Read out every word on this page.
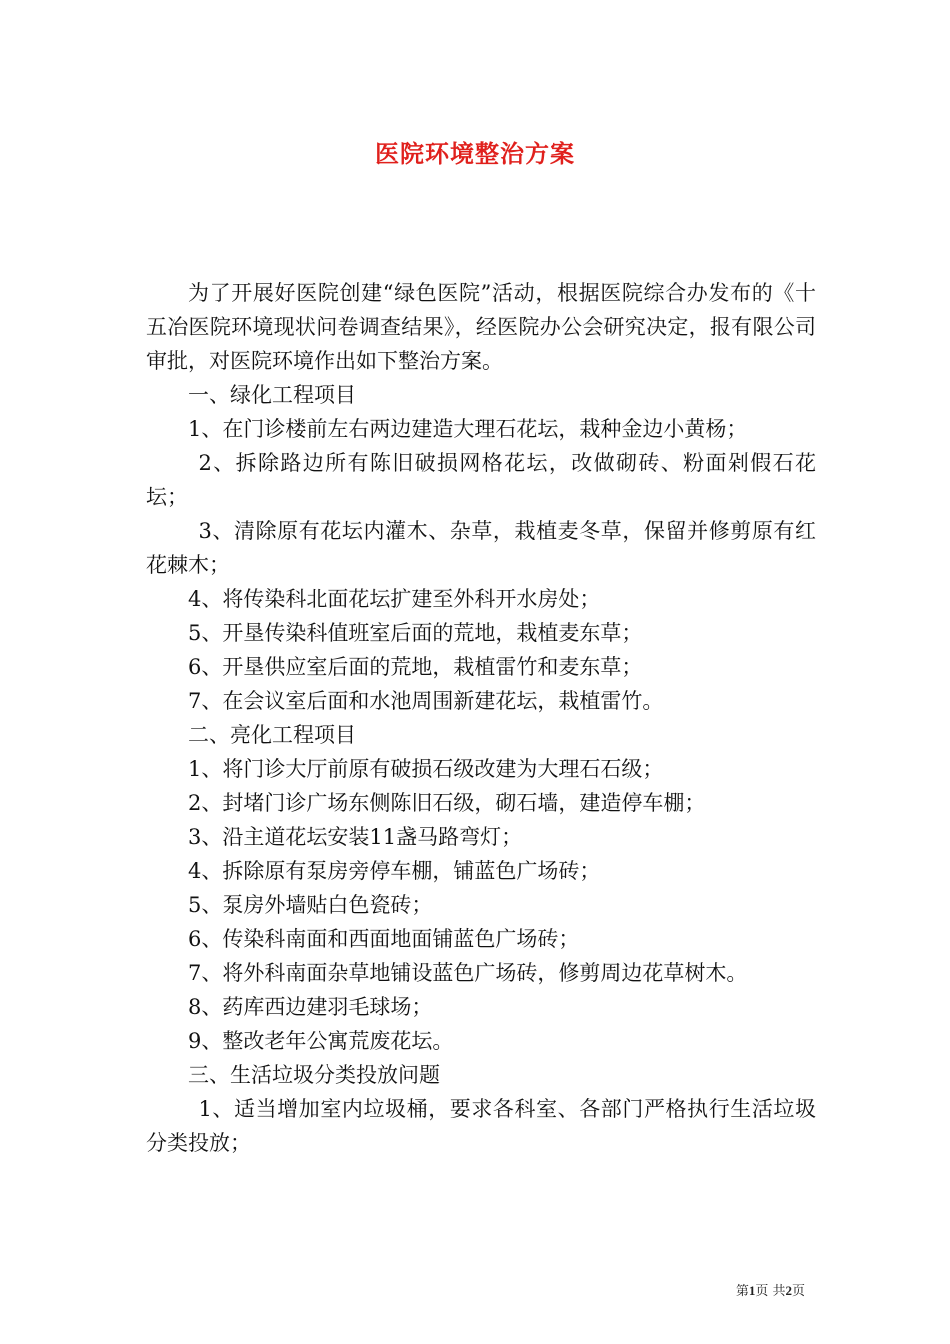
医院环境整治方案

为了开展好医院创建“绿色医院”活动，根据医院综合办发布的《十五冶医院环境现状问卷调查结果》，经医院办公会研究决定，报有限公司审批，对医院环境作出如下整治方案。

一、绿化工程项目

1、在门诊楼前左右两边建造大理石花坛，栽种金边小黄杨；

2、拆除路边所有陈旧破损网格花坛，改做砌砖、粉面剁假石花坛；

3、清除原有花坛内灌木、杂草，栽植麦冬草，保留并修剪原有红花棘木；

4、将传染科北面花坛扩建至外科开水房处；

5、开垦传染科值班室后面的荒地，栽植麦东草；

6、开垦供应室后面的荒地，栽植雷竹和麦东草；

7、在会议室后面和水池周围新建花坛，栽植雷竹。

二、亮化工程项目

1、将门诊大厅前原有破损石级改建为大理石石级；

2、封堵门诊广场东侧陈旧石级，砌石墙，建造停车棚；

3、沿主道花坛安装11盏马路弯灯；

4、拆除原有泵房旁停车棚，铺蓝色广场砖；

5、泵房外墙贴白色瓷砖；

6、传染科南面和西面地面铺蓝色广场砖；

7、将外科南面杂草地铺设蓝色广场砖，修剪周边花草树木。

8、药库西边建羽毛球场；

9、整改老年公寓荒废花坛。

三、生活垃圾分类投放问题

1、适当增加室内垃圾桶，要求各科室、各部门严格执行生活垃圾分类投放；

第1页 共2页
